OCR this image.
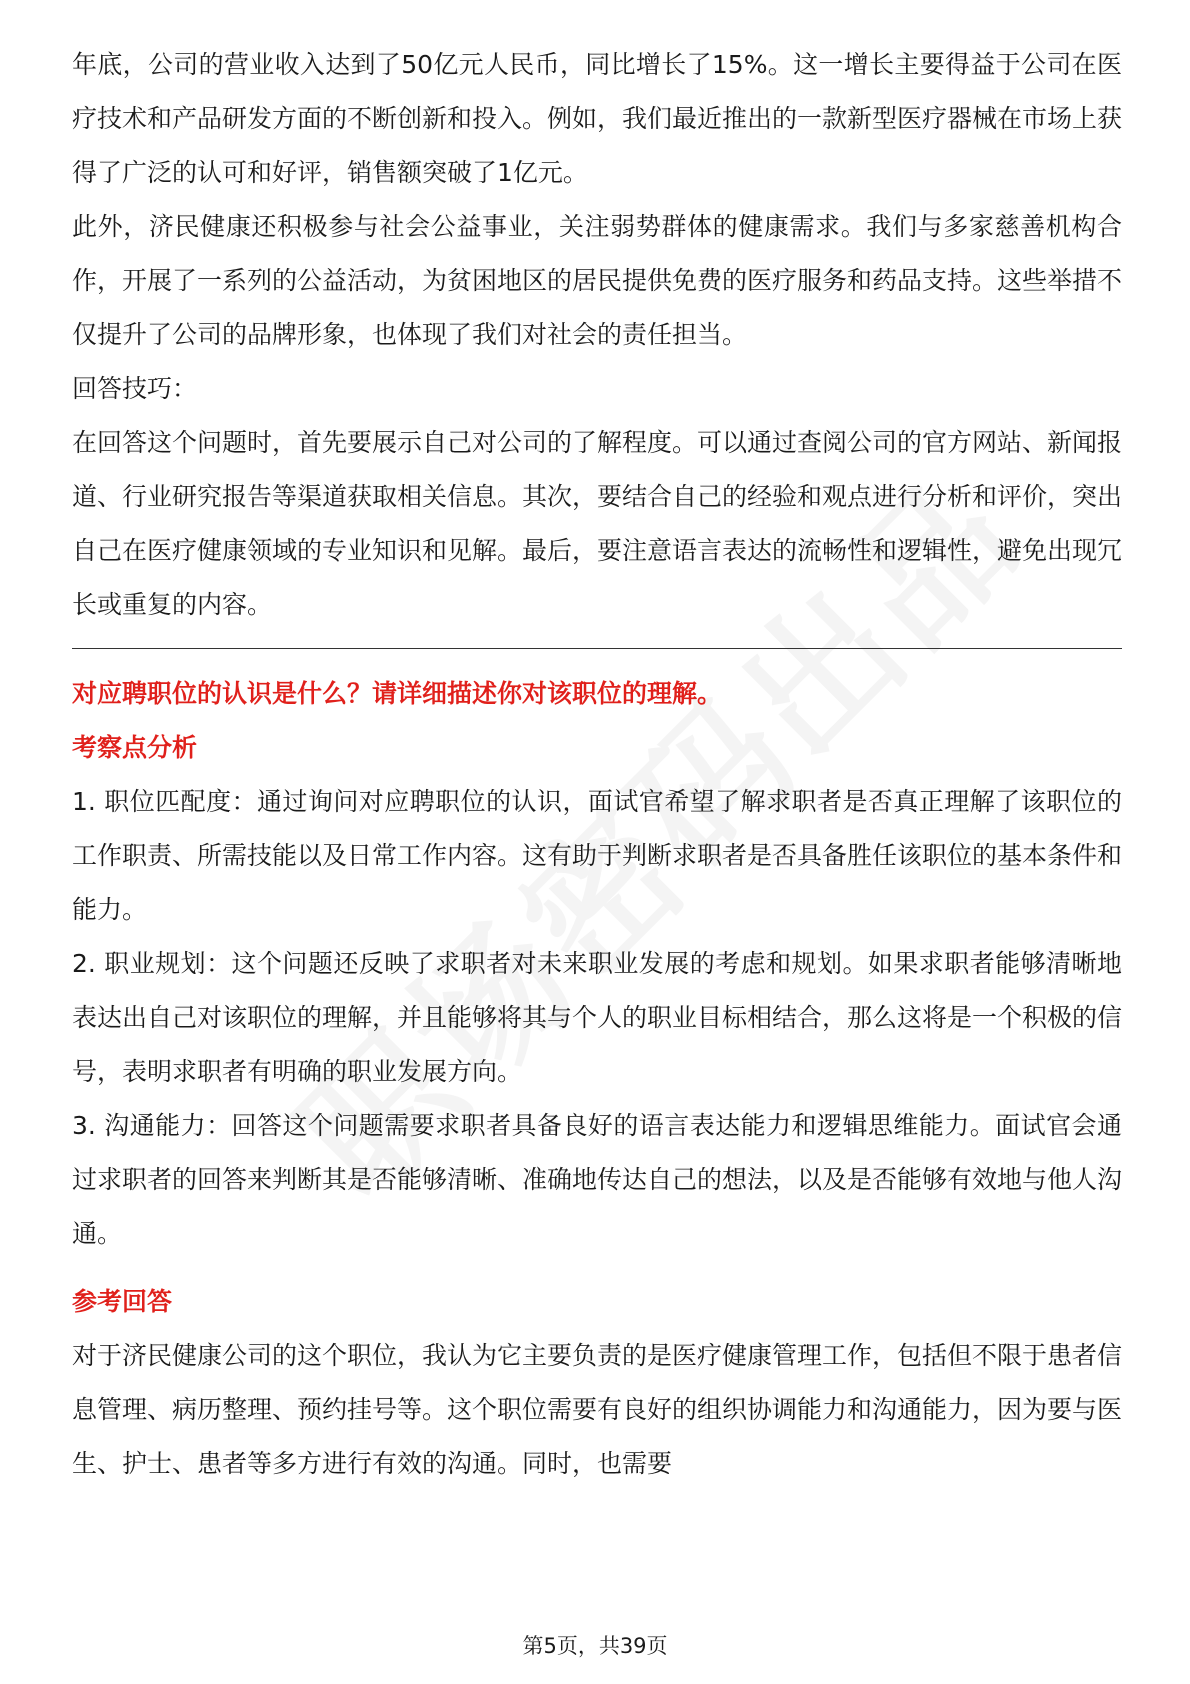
年底，公司的营业收入达到了50亿元人民币，同比增长了15%。这一增长主要得益于公司在医疗技术和产品研发方面的不断创新和投入。例如，我们最近推出的一款新型医疗器械在市场上获得了广泛的认可和好评，销售额突破了1亿元。

此外，济民健康还积极参与社会公益事业，关注弱势群体的健康需求。我们与多家慈善机构合作，开展了一系列的公益活动，为贫困地区的居民提供免费的医疗服务和药品支持。这些举措不仅提升了公司的品牌形象，也体现了我们对社会的责任担当。

回答技巧：

在回答这个问题时，首先要展示自己对公司的了解程度。可以通过查阅公司的官方网站、新闻报道、行业研究报告等渠道获取相关信息。其次，要结合自己的经验和观点进行分析和评价，突出自己在医疗健康领域的专业知识和见解。最后，要注意语言表达的流畅性和逻辑性，避免出现冗长或重复的内容。

对应聘职位的认识是什么？请详细描述你对该职位的理解。

考察点分析

1. 职位匹配度：通过询问对应聘职位的认识，面试官希望了解求职者是否真正理解了该职位的工作职责、所需技能以及日常工作内容。这有助于判断求职者是否具备胜任该职位的基本条件和能力。

2. 职业规划：这个问题还反映了求职者对未来职业发展的考虑和规划。如果求职者能够清晰地表达出自己对该职位的理解，并且能够将其与个人的职业目标相结合，那么这将是一个积极的信号，表明求职者有明确的职业发展方向。

3. 沟通能力：回答这个问题需要求职者具备良好的语言表达能力和逻辑思维能力。面试官会通过求职者的回答来判断其是否能够清晰、准确地传达自己的想法，以及是否能够有效地与他人沟通。

参考回答

对于济民健康公司的这个职位，我认为它主要负责的是医疗健康管理工作，包括但不限于患者信息管理、病历整理、预约挂号等。这个职位需要有良好的组织协调能力和沟通能力，因为要与医生、护士、患者等多方进行有效的沟通。同时，也需要

第5页，共39页
